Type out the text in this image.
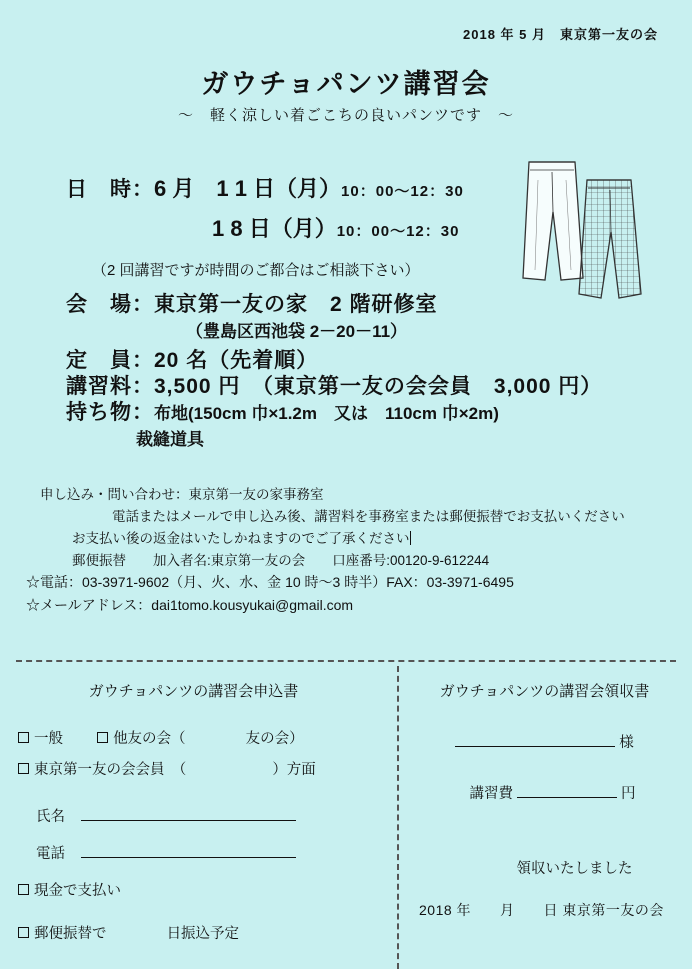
2018 年 5 月　東京第一友の会
ガウチョパンツ講習会
～　軽く涼しい着ごこちの良いパンツです　～
日　時：6 月　1 1 日（月）10：00～12：30
1 8 日（月）10：00～12：30
（2 回講習ですが時間のご都合はご相談下さい）
会　場：東京第一友の家　2 階研修室
（豊島区西池袋 2－20－11）
定　員：20 名（先着順）
講習料：3,500 円　（東京第一友の会会員　3,000 円）
持ち物：布地(150cm 巾×1.2m　又は　110cm 巾×2m)
裁縫道具
申し込み・問い合わせ：東京第一友の家事務室
電話またはメールで申し込み後、講習料を事務室または郵便振替でお支払いください
お支払い後の返金はいたしかねますのでご了承ください
郵便振替　　加入者名:東京第一友の会　　口座番号:00120-9-612244
☆電話：03-3971-9602（月、火、水、金 10 時～3 時半）FAX：03-3971-6495
☆メールアドレス：dai1tomo.kousyukai@gmail.com
ガウチョパンツの講習会申込書
一般	他友の会（	友の会）
東京第一友の会会員　（	）方面
氏名
電話
現金で支払い
郵便振替で	日振込予定
ガウチョパンツの講習会領収書
様
講習費	円
領収いたしました
2018 年　　月　　日 東京第一友の会
